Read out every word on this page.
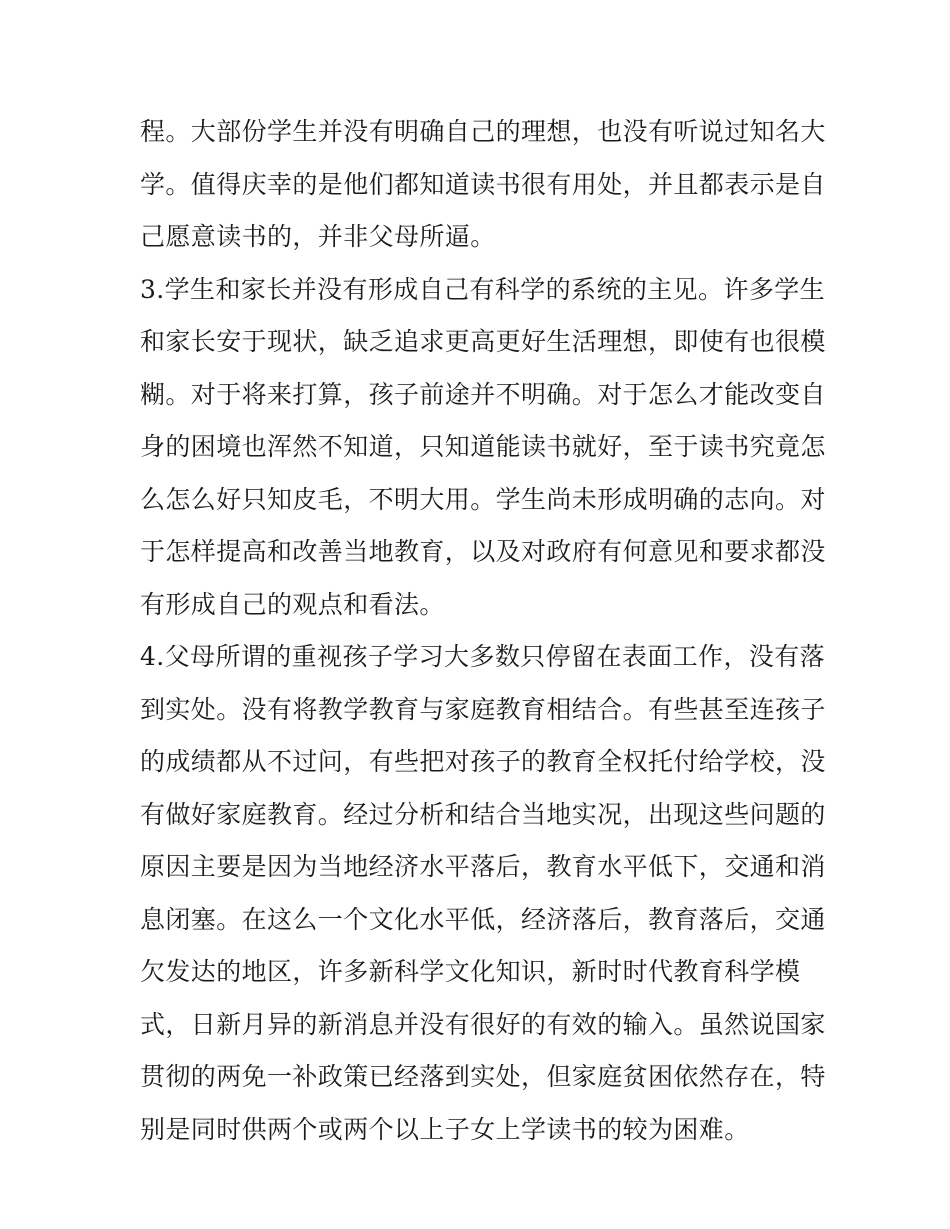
程。大部份学生并没有明确自己的理想，也没有听说过知名大
学。值得庆幸的是他们都知道读书很有用处，并且都表示是自
己愿意读书的，并非父母所逼。
3.学生和家长并没有形成自己有科学的系统的主见。许多学生
和家长安于现状，缺乏追求更高更好生活理想，即使有也很模
糊。对于将来打算，孩子前途并不明确。对于怎么才能改变自
身的困境也浑然不知道，只知道能读书就好，至于读书究竟怎
么怎么好只知皮毛，不明大用。学生尚未形成明确的志向。对
于怎样提高和改善当地教育，以及对政府有何意见和要求都没
有形成自己的观点和看法。
4.父母所谓的重视孩子学习大多数只停留在表面工作，没有落
到实处。没有将教学教育与家庭教育相结合。有些甚至连孩子
的成绩都从不过问，有些把对孩子的教育全权托付给学校，没
有做好家庭教育。经过分析和结合当地实况，出现这些问题的
原因主要是因为当地经济水平落后，教育水平低下，交通和消
息闭塞。在这么一个文化水平低，经济落后，教育落后，交通
欠发达的地区，许多新科学文化知识，新时时代教育科学模
式，日新月异的新消息并没有很好的有效的输入。虽然说国家
贯彻的两免一补政策已经落到实处，但家庭贫困依然存在，特
别是同时供两个或两个以上子女上学读书的较为困难。
